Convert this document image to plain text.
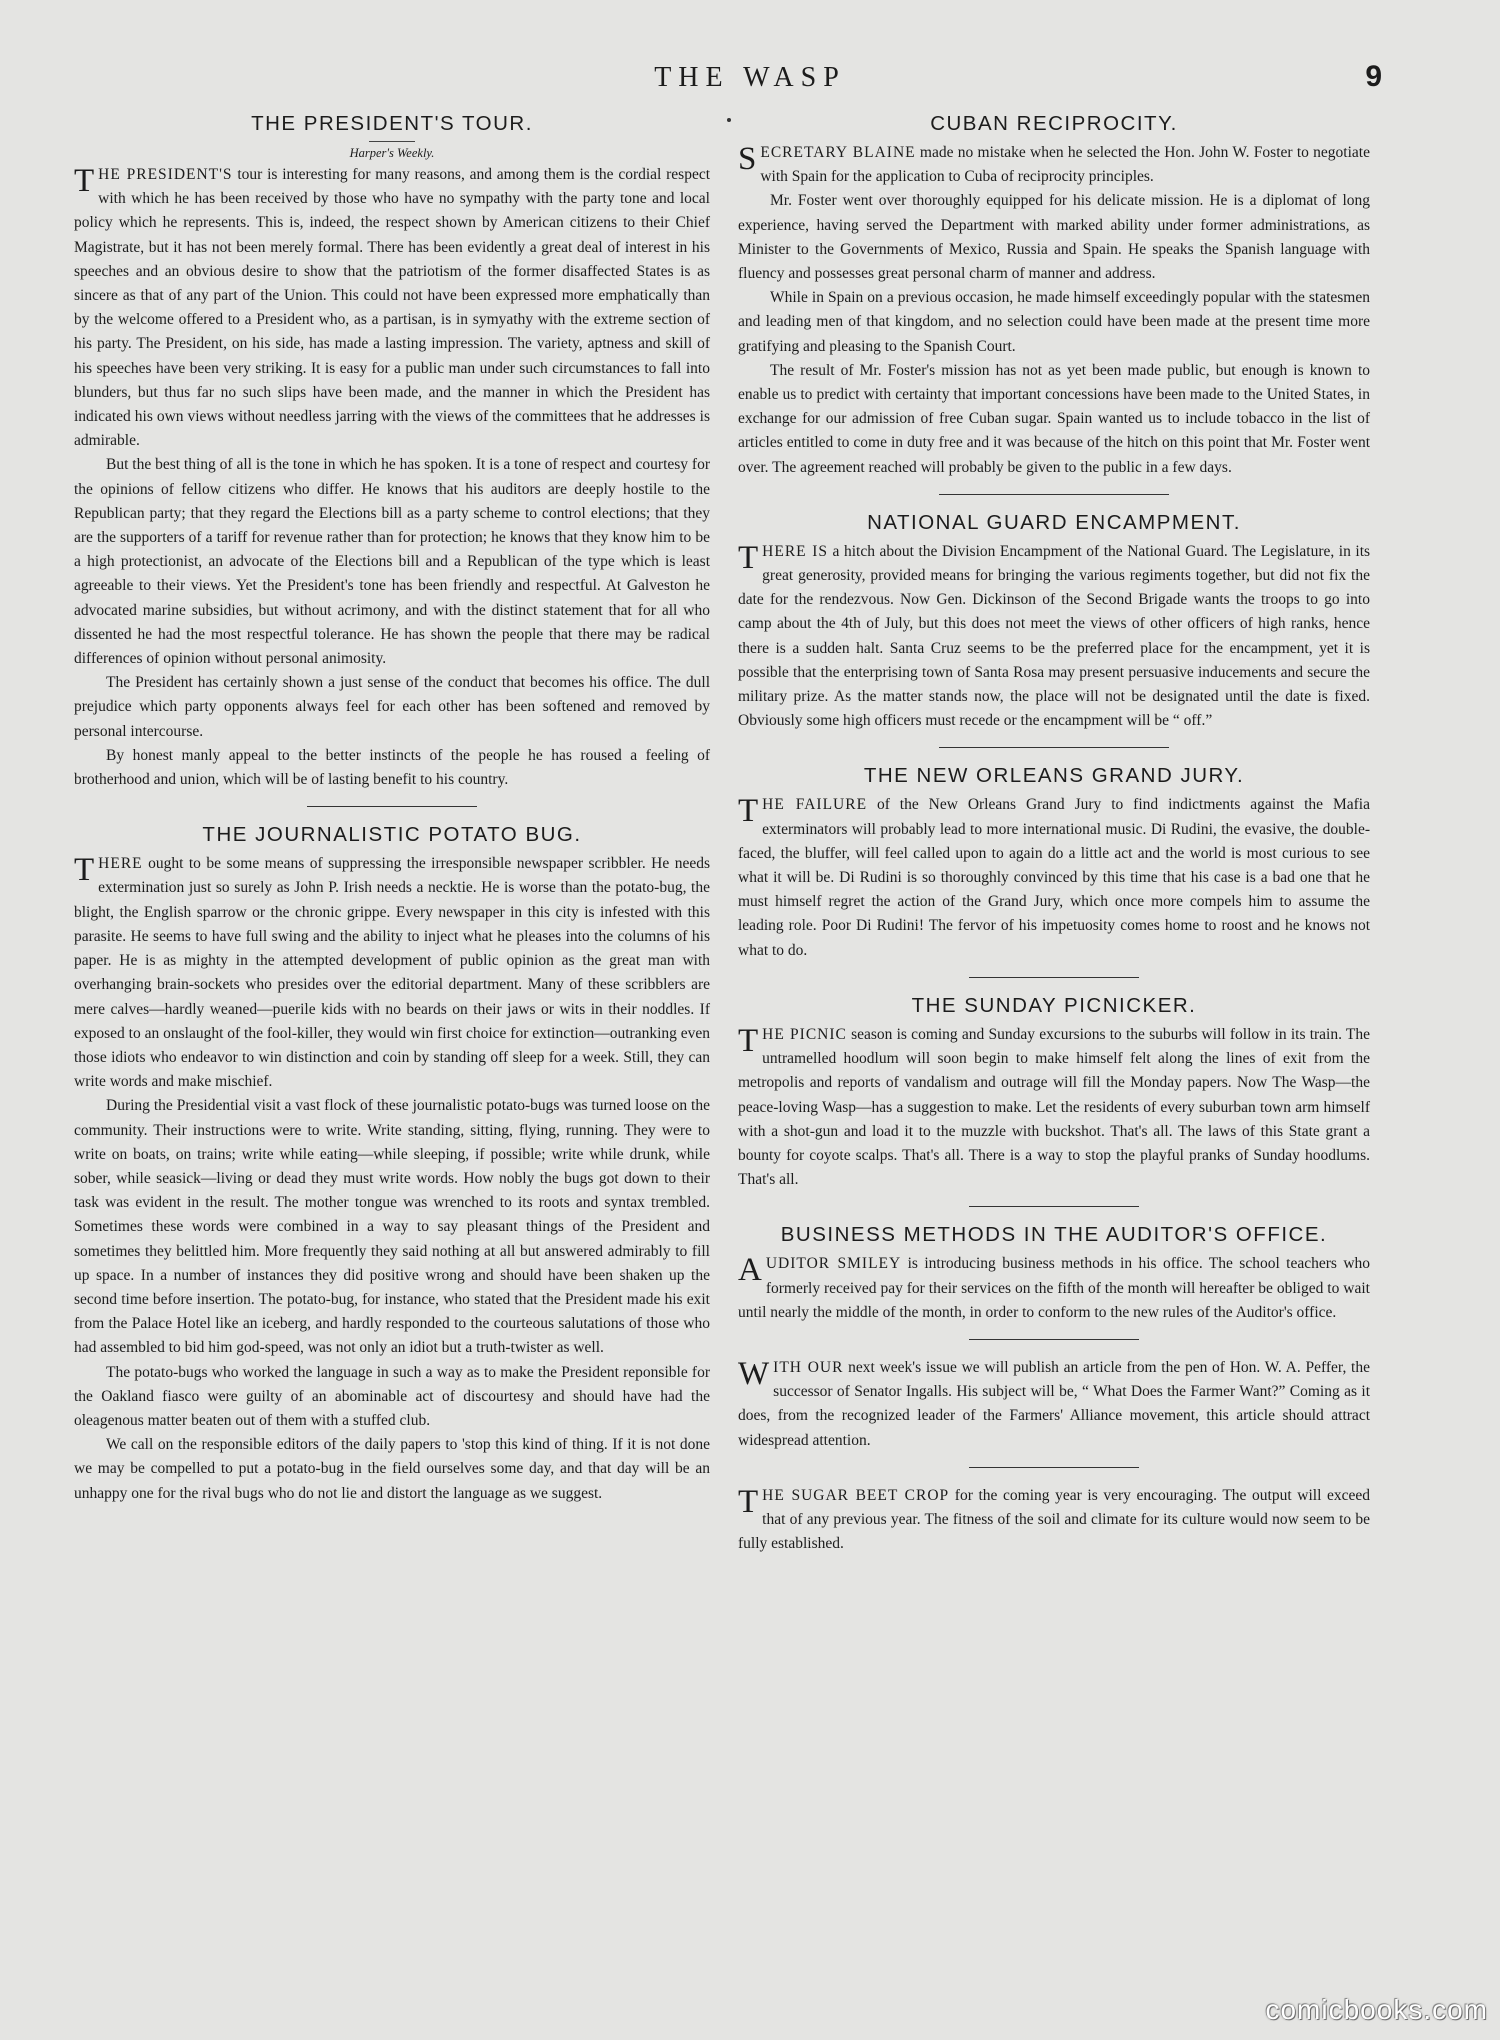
THE WASP	9
THE PRESIDENT'S TOUR.
Harper's Weekly.

THE PRESIDENT'S tour is interesting for many reasons, and among them is the cordial respect with which he has been received by those who have no sympathy with the party tone and local policy which he represents. This is, indeed, the respect shown by American citizens to their Chief Magistrate, but it has not been merely formal. There has been evidently a great deal of interest in his speeches and an obvious desire to show that the patriotism of the former disaffected States is as sincere as that of any part of the Union. This could not have been expressed more emphatically than by the welcome offered to a President who, as a partisan, is in symyathy with the extreme section of his party. The President, on his side, has made a lasting impression. The variety, aptness and skill of his speeches have been very striking. It is easy for a public man under such circumstances to fall into blunders, but thus far no such slips have been made, and the manner in which the President has indicated his own views without needless jarring with the views of the committees that he addresses is admirable.

But the best thing of all is the tone in which he has spoken. It is a tone of respect and courtesy for the opinions of fellow citizens who differ. He knows that his auditors are deeply hostile to the Republican party; that they regard the Elections bill as a party scheme to control elections; that they are the supporters of a tariff for revenue rather than for protection; he knows that they know him to be a high protectionist, an advocate of the Elections bill and a Republican of the type which is least agreeable to their views. Yet the President's tone has been friendly and respectful. At Galveston he advocated marine subsidies, but without acrimony, and with the distinct statement that for all who dissented he had the most respectful tolerance. He has shown the people that there may be radical differences of opinion without personal animosity.

The President has certainly shown a just sense of the conduct that becomes his office. The dull prejudice which party opponents always feel for each other has been softened and removed by personal intercourse.

By honest manly appeal to the better instincts of the people he has roused a feeling of brotherhood and union, which will be of lasting benefit to his country.

THE JOURNALISTIC POTATO BUG.

THERE ought to be some means of suppressing the irresponsible newspaper scribbler. He needs extermination just so surely as John P. Irish needs a necktie. He is worse than the potato-bug, the blight, the English sparrow or the chronic grippe. Every newspaper in this city is infested with this parasite. He seems to have full swing and the ability to inject what he pleases into the columns of his paper. He is as mighty in the attempted development of public opinion as the great man with overhanging brain-sockets who presides over the editorial department. Many of these scribblers are mere calves—hardly weaned—puerile kids with no beards on their jaws or wits in their noddles. If exposed to an onslaught of the fool-killer, they would win first choice for extinction—outranking even those idiots who endeavor to win distinction and coin by standing off sleep for a week. Still, they can write words and make mischief.

During the Presidential visit a vast flock of these journalistic potato-bugs was turned loose on the community. Their instructions were to write. Write standing, sitting, flying, running. They were to write on boats, on trains; write while eating—while sleeping, if possible; write while drunk, while sober, while seasick—living or dead they must write words. How nobly the bugs got down to their task was evident in the result. The mother tongue was wrenched to its roots and syntax trembled. Sometimes these words were combined in a way to say pleasant things of the President and sometimes they belittled him. More frequently they said nothing at all but answered admirably to fill up space. In a number of instances they did positive wrong and should have been shaken up the second time before insertion. The potato-bug, for instance, who stated that the President made his exit from the Palace Hotel like an iceberg, and hardly responded to the courteous salutations of those who had assembled to bid him god-speed, was not only an idiot but a truth-twister as well.

The potato-bugs who worked the language in such a way as to make the President reponsible for the Oakland fiasco were guilty of an abominable act of discourtesy and should have had the oleagenous matter beaten out of them with a stuffed club.

We call on the responsible editors of the daily papers to 'stop this kind of thing. If it is not done we may be compelled to put a potato-bug in the field ourselves some day, and that day will be an unhappy one for the rival bugs who do not lie and distort the language as we suggest.

CUBAN RECIPROCITY.

SECRETARY BLAINE made no mistake when he selected the Hon. John W. Foster to negotiate with Spain for the application to Cuba of reciprocity principles.

Mr. Foster went over thoroughly equipped for his delicate mission. He is a diplomat of long experience, having served the Department with marked ability under former administrations, as Minister to the Governments of Mexico, Russia and Spain. He speaks the Spanish language with fluency and possesses great personal charm of manner and address.

While in Spain on a previous occasion, he made himself exceedingly popular with the statesmen and leading men of that kingdom, and no selection could have been made at the present time more gratifying and pleasing to the Spanish Court.

The result of Mr. Foster's mission has not as yet been made public, but enough is known to enable us to predict with certainty that important concessions have been made to the United States, in exchange for our admission of free Cuban sugar. Spain wanted us to include tobacco in the list of articles entitled to come in duty free and it was because of the hitch on this point that Mr. Foster went over. The agreement reached will probably be given to the public in a few days.

NATIONAL GUARD ENCAMPMENT.

THERE IS a hitch about the Division Encampment of the National Guard. The Legislature, in its great generosity, provided means for bringing the various regiments together, but did not fix the date for the rendezvous. Now Gen. Dickinson of the Second Brigade wants the troops to go into camp about the 4th of July, but this does not meet the views of other officers of high ranks, hence there is a sudden halt. Santa Cruz seems to be the preferred place for the encampment, yet it is possible that the enterprising town of Santa Rosa may present persuasive inducements and secure the military prize. As the matter stands now, the place will not be designated until the date is fixed. Obviously some high officers must recede or the encampment will be “ off.”

THE NEW ORLEANS GRAND JURY.

THE FAILURE of the New Orleans Grand Jury to find indictments against the Mafia exterminators will probably lead to more international music. Di Rudini, the evasive, the double-faced, the bluffer, will feel called upon to again do a little act and the world is most curious to see what it will be. Di Rudini is so thoroughly convinced by this time that his case is a bad one that he must himself regret the action of the Grand Jury, which once more compels him to assume the leading role. Poor Di Rudini! The fervor of his impetuosity comes home to roost and he knows not what to do.

THE SUNDAY PICNICKER.

THE PICNIC season is coming and Sunday excursions to the suburbs will follow in its train. The untramelled hoodlum will soon begin to make himself felt along the lines of exit from the metropolis and reports of vandalism and outrage will fill the Monday papers. Now The Wasp—the peace-loving Wasp—has a suggestion to make. Let the residents of every suburban town arm himself with a shot-gun and load it to the muzzle with buckshot. That's all. The laws of this State grant a bounty for coyote scalps. That's all. There is a way to stop the playful pranks of Sunday hoodlums. That's all.

BUSINESS METHODS IN THE AUDITOR'S OFFICE.

AUDITOR SMILEY is introducing business methods in his office. The school teachers who formerly received pay for their services on the fifth of the month will hereafter be obliged to wait until nearly the middle of the month, in order to conform to the new rules of the Auditor's office.

WITH OUR next week's issue we will publish an article from the pen of Hon. W. A. Peffer, the successor of Senator Ingalls. His subject will be, “ What Does the Farmer Want?” Coming as it does, from the recognized leader of the Farmers' Alliance movement, this article should attract widespread attention.

THE SUGAR BEET CROP for the coming year is very encouraging. The output will exceed that of any previous year. The fitness of the soil and climate for its culture would now seem to be fully established.

comicbooks.com
